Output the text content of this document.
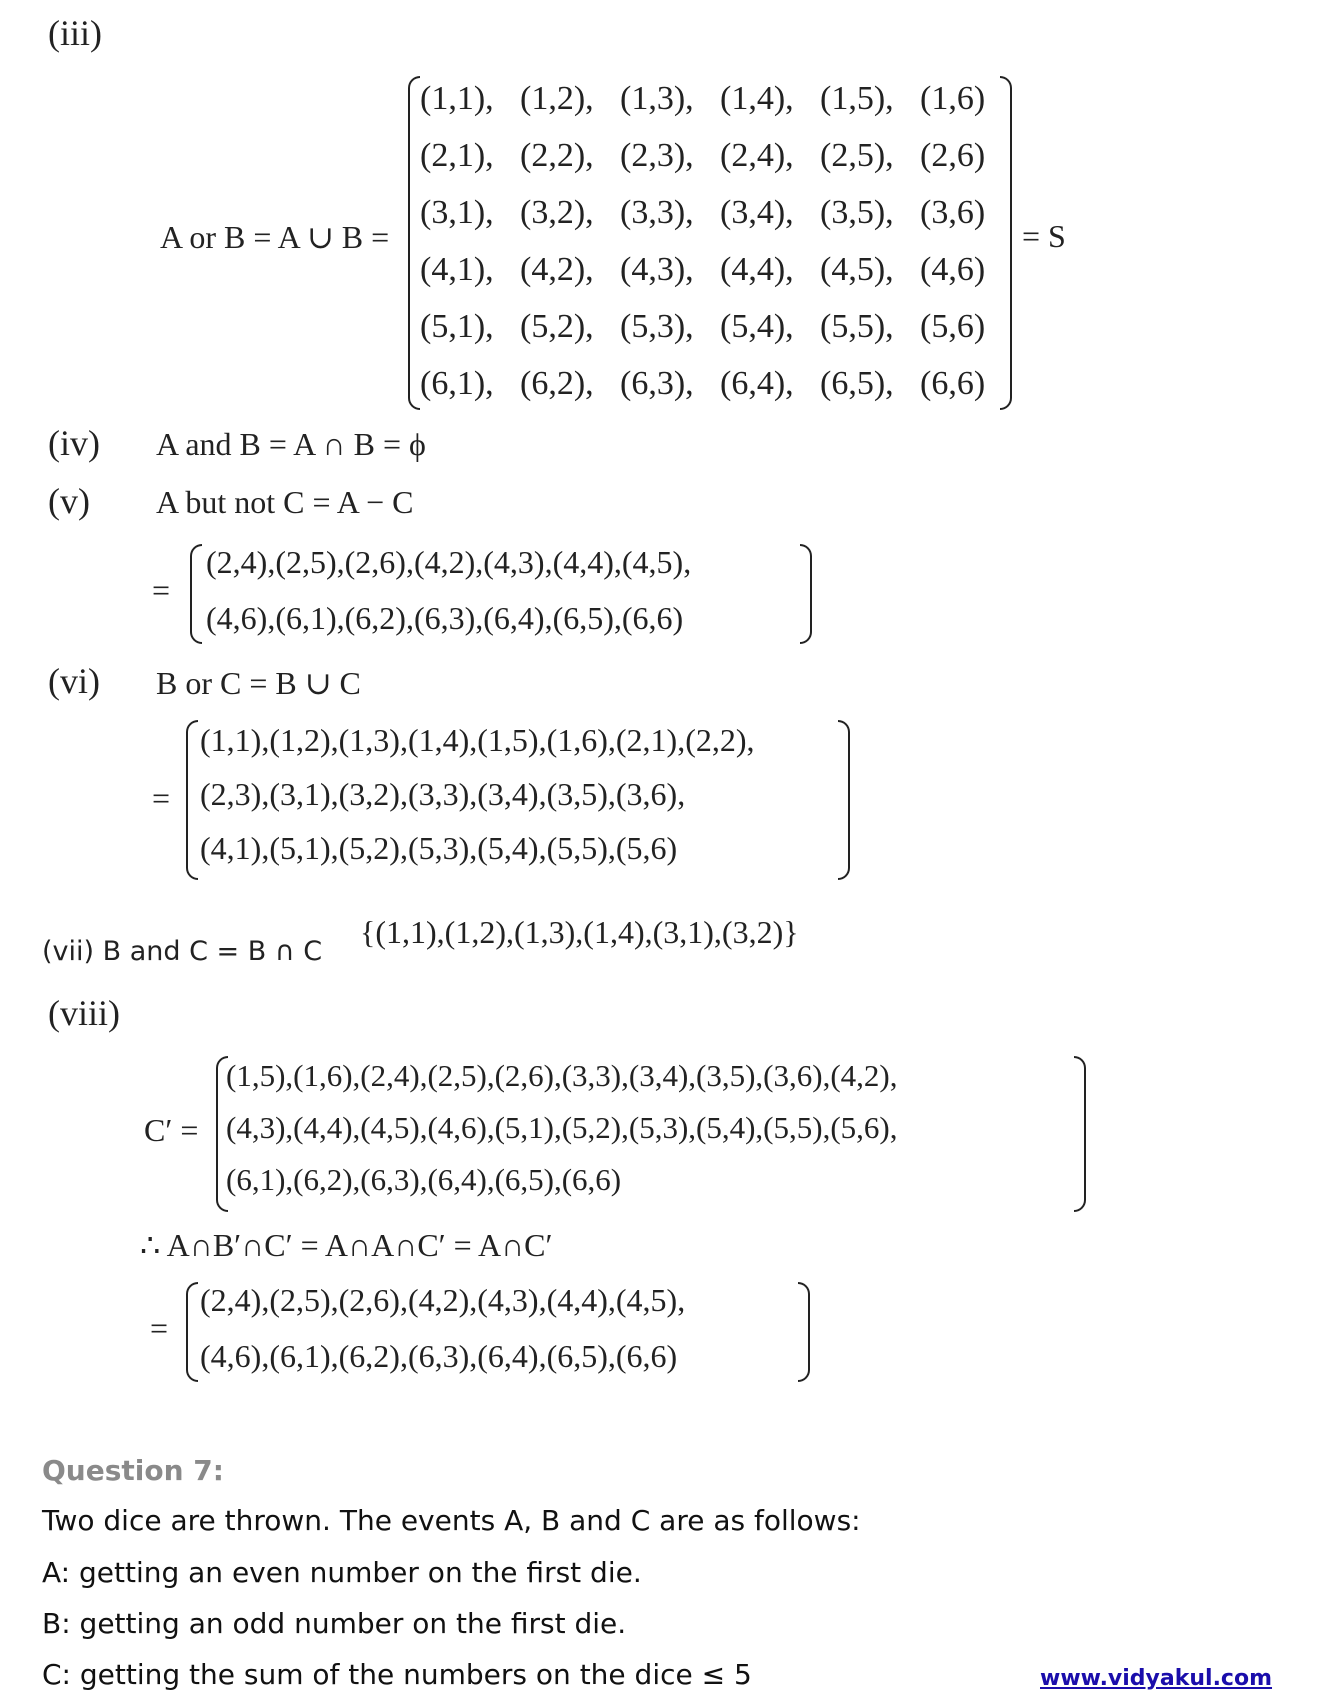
(iii)
A or B = A ∪ B =
(1,1), (1,2), (1,3), (1,4), (1,5), (1,6)
(2,1), (2,2), (2,3), (2,4), (2,5), (2,6)
(3,1), (3,2), (3,3), (3,4), (3,5), (3,6)
(4,1), (4,2), (4,3), (4,4), (4,5), (4,6)
(5,1), (5,2), (5,3), (5,4), (5,5), (5,6)
(6,1), (6,2), (6,3), (6,4), (6,5), (6,6)
= S
(iv) A and B = A ∩ B = ϕ
(v) A but not C = A − C
=
(2,4),(2,5),(2,6),(4,2),(4,3),(4,4),(4,5),
(4,6),(6,1),(6,2),(6,3),(6,4),(6,5),(6,6)
(vi) B or C = B ∪ C
=
(1,1),(1,2),(1,3),(1,4),(1,5),(1,6),(2,1),(2,2),
(2,3),(3,1),(3,2),(3,3),(3,4),(3,5),(3,6),
(4,1),(5,1),(5,2),(5,3),(5,4),(5,5),(5,6)
(vii) B and C = B ∩ C
{(1,1),(1,2),(1,3),(1,4),(3,1),(3,2)}
(viii)
C′ =
(1,5),(1,6),(2,4),(2,5),(2,6),(3,3),(3,4),(3,5),(3,6),(4,2),
(4,3),(4,4),(4,5),(4,6),(5,1),(5,2),(5,3),(5,4),(5,5),(5,6),
(6,1),(6,2),(6,3),(6,4),(6,5),(6,6)
∴ A∩B′∩C′ = A∩A∩C′ = A∩C′
=
(2,4),(2,5),(2,6),(4,2),(4,3),(4,4),(4,5),
(4,6),(6,1),(6,2),(6,3),(6,4),(6,5),(6,6)
Question 7:
Two dice are thrown. The events A, B and C are as follows:
A: getting an even number on the first die.
B: getting an odd number on the first die.
C: getting the sum of the numbers on the dice ≤ 5	www.vidyakul.com
